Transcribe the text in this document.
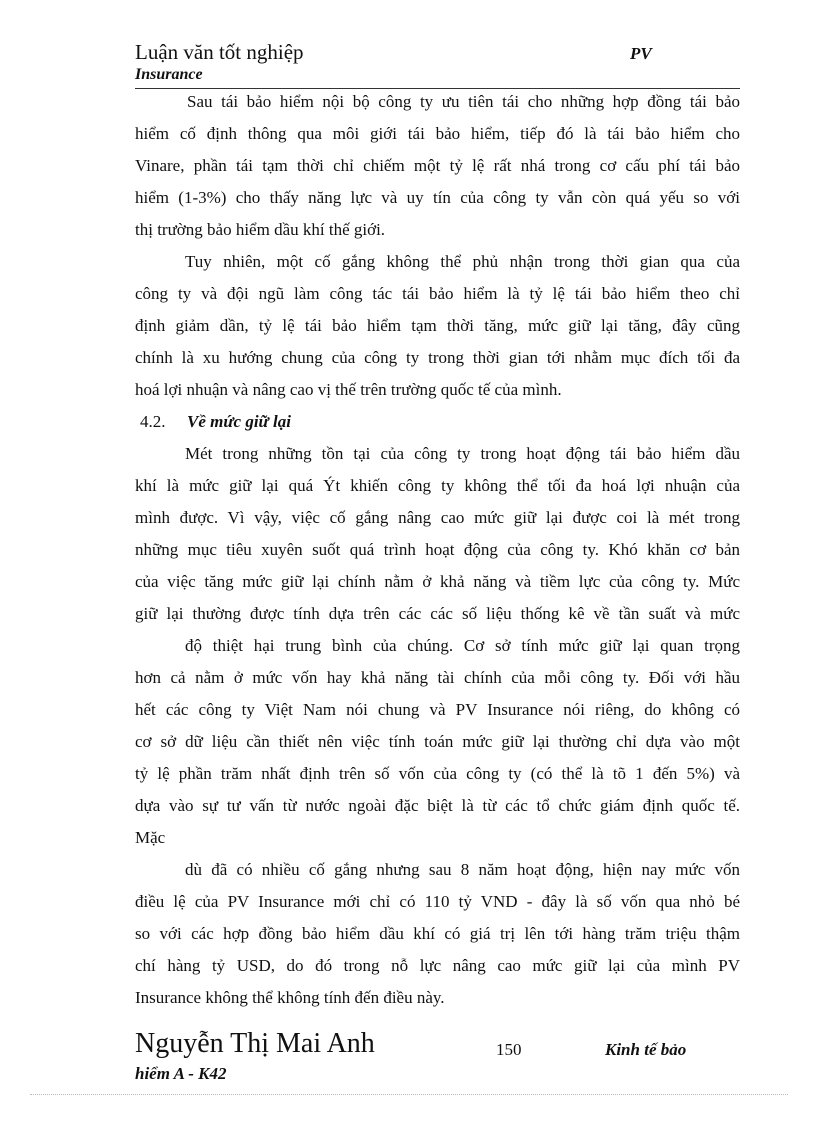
Luận văn tốt nghiệp	PV
Insurance

Sau tái bảo hiểm nội bộ công ty ưu tiên tái cho những hợp đồng tái bảo

hiểm cố định thông qua môi giới tái bảo hiểm, tiếp đó là tái bảo hiểm cho

Vinare, phần tái tạm thời chỉ chiếm một tỷ lệ rất nhá trong cơ cấu phí tái bảo

hiểm (1-3%) cho thấy năng lực và uy tín của công ty vẫn còn quá yếu so với

thị trường bảo hiểm dầu khí thế giới.

Tuy nhiên, một cố gắng không thể phủ nhận trong thời gian qua của

công ty và đội ngũ làm công tác tái bảo hiểm là tỷ lệ tái bảo hiểm theo chỉ

định giảm dần, tỷ lệ tái bảo hiểm tạm thời tăng, mức giữ lại tăng, đây cũng

chính là xu hướng chung của công ty trong thời gian tới nhằm mục đích tối đa

hoá lợi nhuận và nâng cao vị thế trên trường quốc tế của mình.

4.2. Về mức giữ lại

Mét trong những tồn tại của công ty trong hoạt động tái bảo hiểm dầu

khí là mức giữ lại quá Ýt khiến công ty không thể tối đa hoá lợi nhuận của

mình được. Vì vậy, việc cố gắng nâng cao mức giữ lại được coi là mét trong

những mục tiêu xuyên suốt quá trình hoạt động của công ty. Khó khăn cơ bản

của việc tăng mức giữ lại chính nằm ở khả năng và tiềm lực của công ty. Mức

giữ lại thường được tính dựa trên các các số liệu thống kê về tần suất và mức

độ thiệt hại trung bình của chúng. Cơ sở tính mức giữ lại quan trọng

hơn cả nằm ở mức vốn hay khả năng tài chính của mỗi công ty. Đối với hầu

hết các công ty Việt Nam nói chung và PV Insurance nói riêng, do không có

cơ sở dữ liệu cần thiết nên việc tính toán mức giữ lại thường chỉ dựa vào một

tỷ lệ phần trăm nhất định trên số vốn của công ty (có thể là tõ 1 đến 5%) và

dựa vào sự tư vấn từ nước ngoài đặc biệt là từ các tổ chức giám định quốc tế.

Mặc

dù đã có nhiều cố gắng nhưng sau 8 năm hoạt động, hiện nay mức vốn

điều lệ của PV Insurance mới chỉ có 110 tỷ VND - đây là số vốn qua nhỏ bé

so với các hợp đồng bảo hiểm dầu khí có giá trị lên tới hàng trăm triệu thậm

chí hàng tỷ USD, do đó trong nỗ lực nâng cao mức giữ lại của mình PV

Insurance không thể không tính đến điều này.

Nguyễn Thị Mai Anh	150	Kinh tế bảo
hiểm A - K42
